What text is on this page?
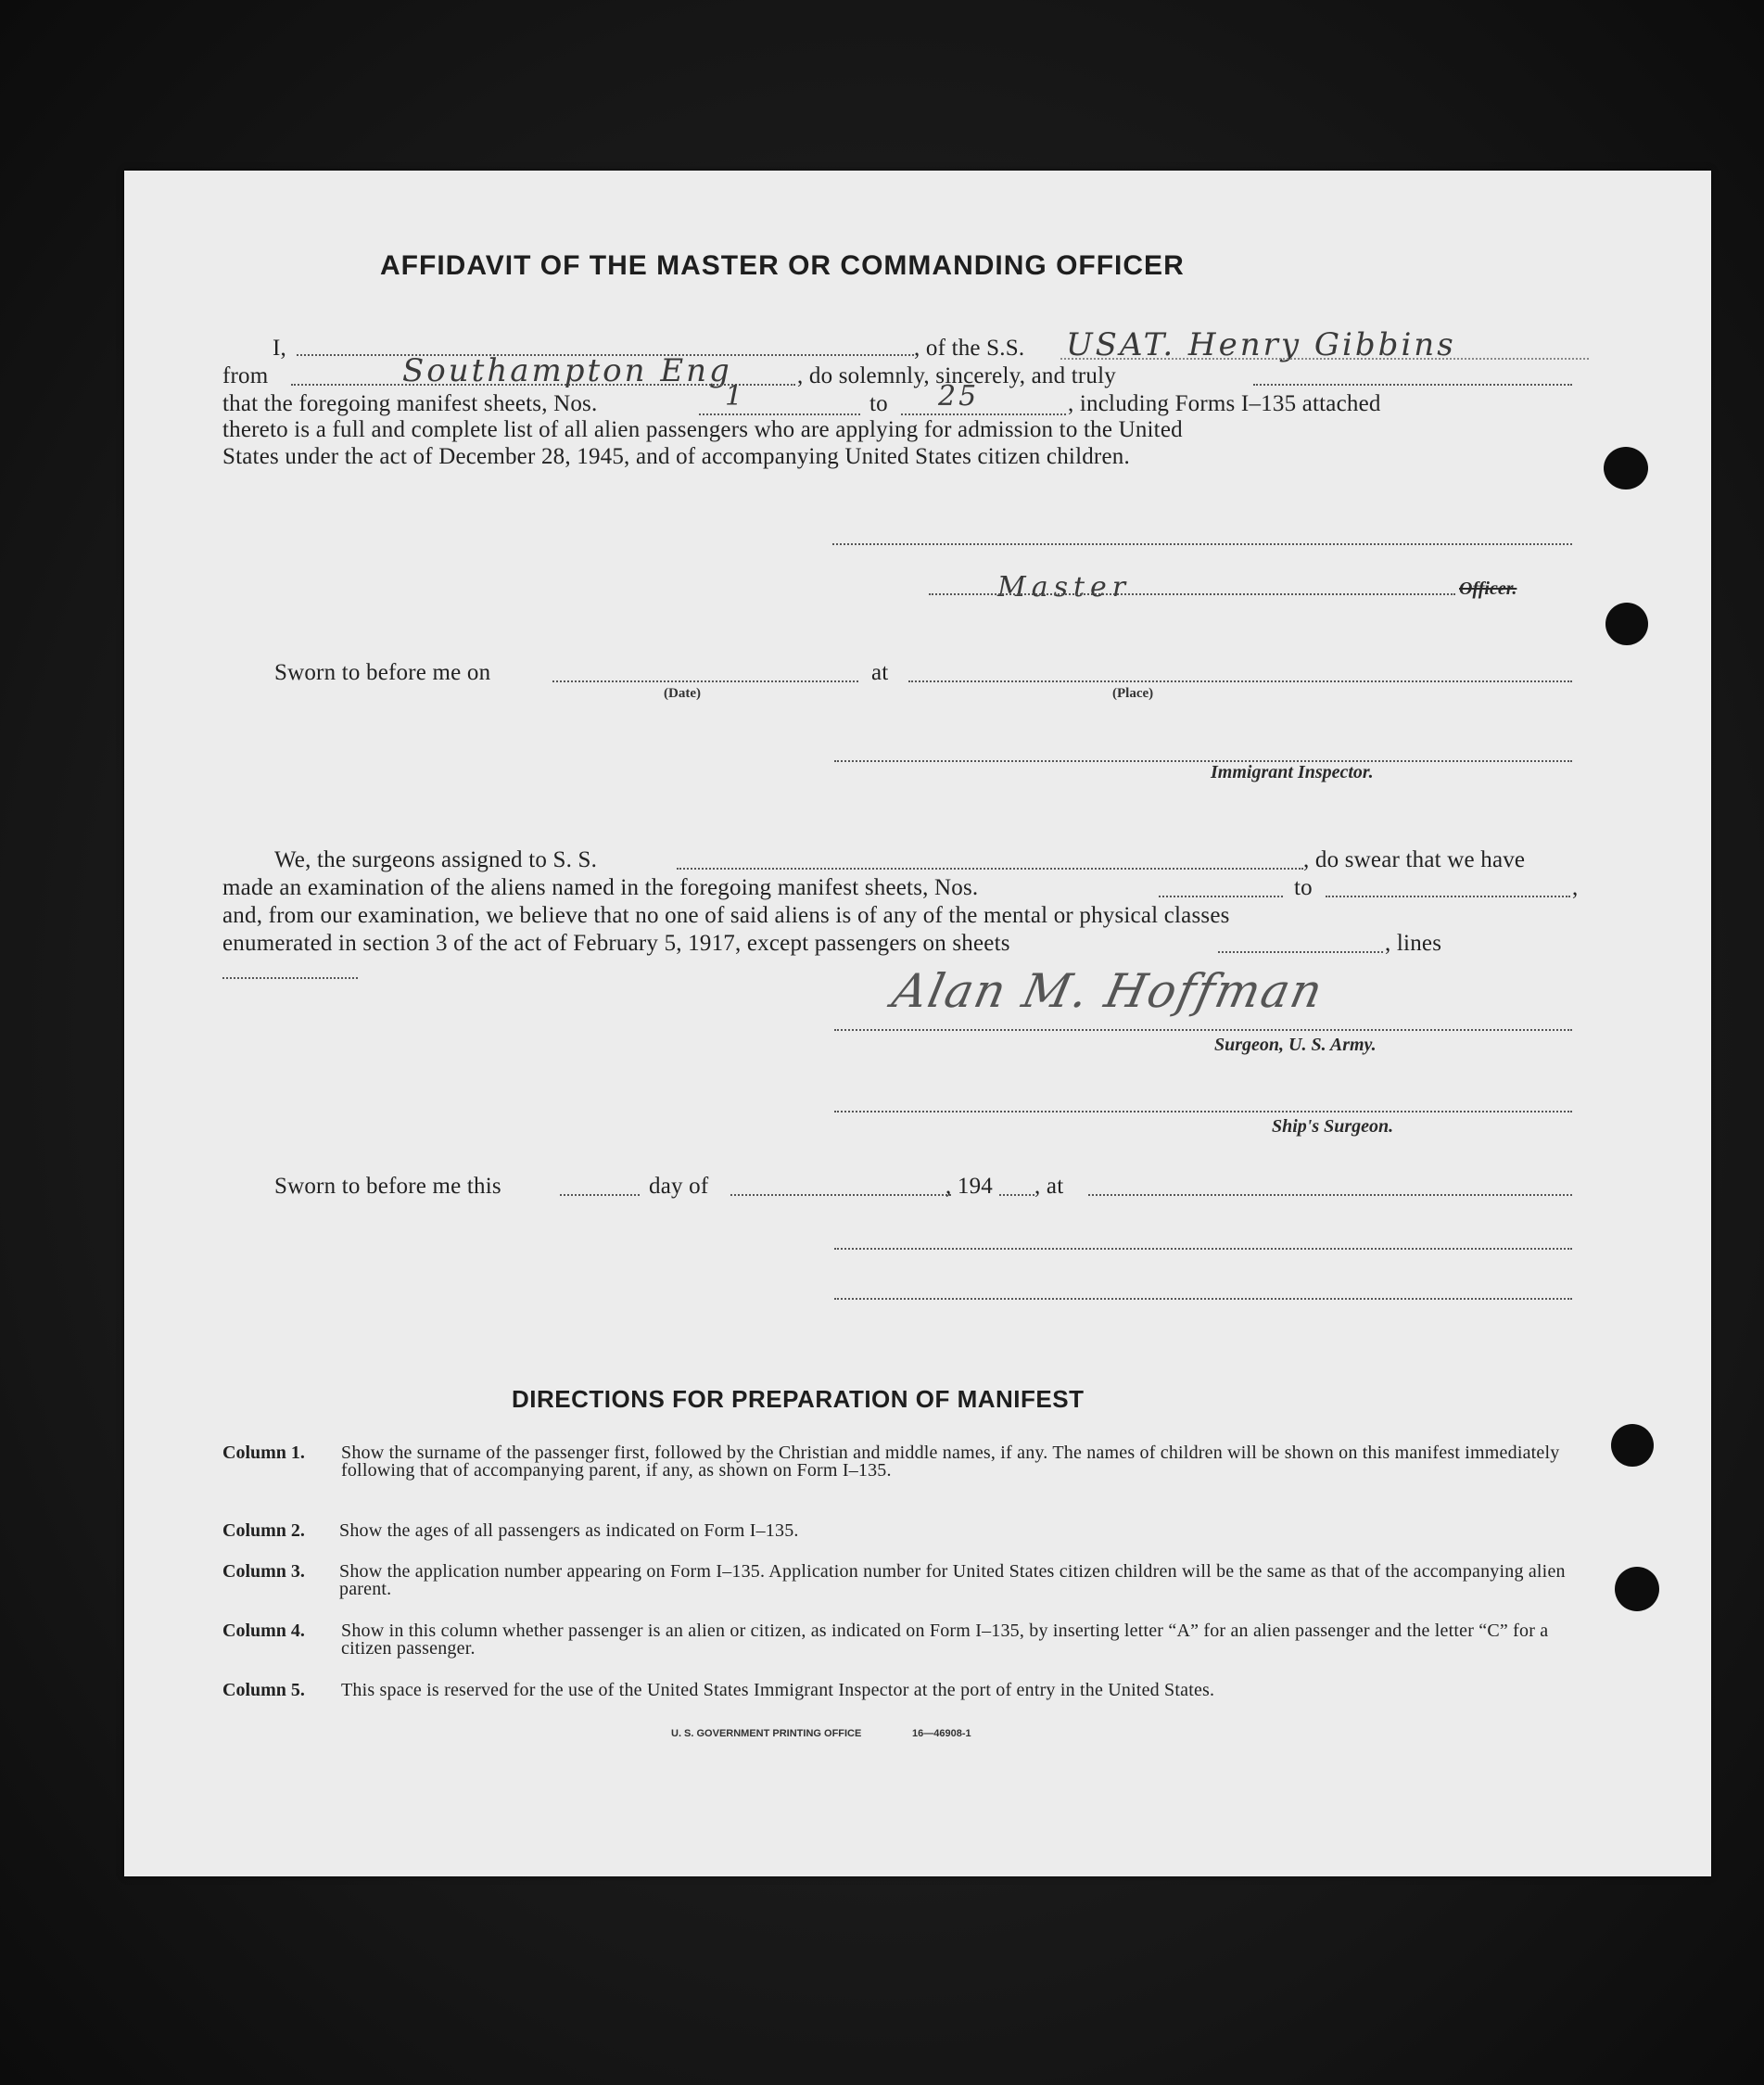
AFFIDAVIT OF THE MASTER OR COMMANDING OFFICER
I,	, of the S.S. USAT. Henry Gibbins
from	Southampton Eng	, do solemnly, sincerely, and truly
that the foregoing manifest sheets, Nos.	1	to 25	, including Forms I–135 attached
thereto is a full and complete list of all alien passengers who are applying for admission to the United
States under the act of December 28, 1945, and of accompanying United States citizen children.
Master	Officer.
Sworn to before me on
(Date)
at
(Place)
Immigrant Inspector.
We, the surgeons assigned to S. S.	, do swear that we have
made an examination of the aliens named in the foregoing manifest sheets, Nos.	to	,
and, from our examination, we believe that no one of said aliens is of any of the mental or physical classes
enumerated in section 3 of the act of February 5, 1917, except passengers on sheets	, lines
Alan M. Hoffman
Surgeon, U. S. Army.
Ship's Surgeon.
Sworn to before me this	day of	, 194 , at
DIRECTIONS FOR PREPARATION OF MANIFEST
Column 1. Show the surname of the passenger first, followed by the Christian and middle names, if any. The names of children will be shown on this manifest immediately following that of accompanying parent, if any, as shown on Form I–135.
Column 2. Show the ages of all passengers as indicated on Form I–135.
Column 3. Show the application number appearing on Form I–135. Application number for United States citizen children will be the same as that of the accompanying alien parent.
Column 4. Show in this column whether passenger is an alien or citizen, as indicated on Form I–135, by inserting letter “A” for an alien passenger and the letter “C” for a citizen passenger.
Column 5. This space is reserved for the use of the United States Immigrant Inspector at the port of entry in the United States.
U. S. GOVERNMENT PRINTING OFFICE	16—46908-1
